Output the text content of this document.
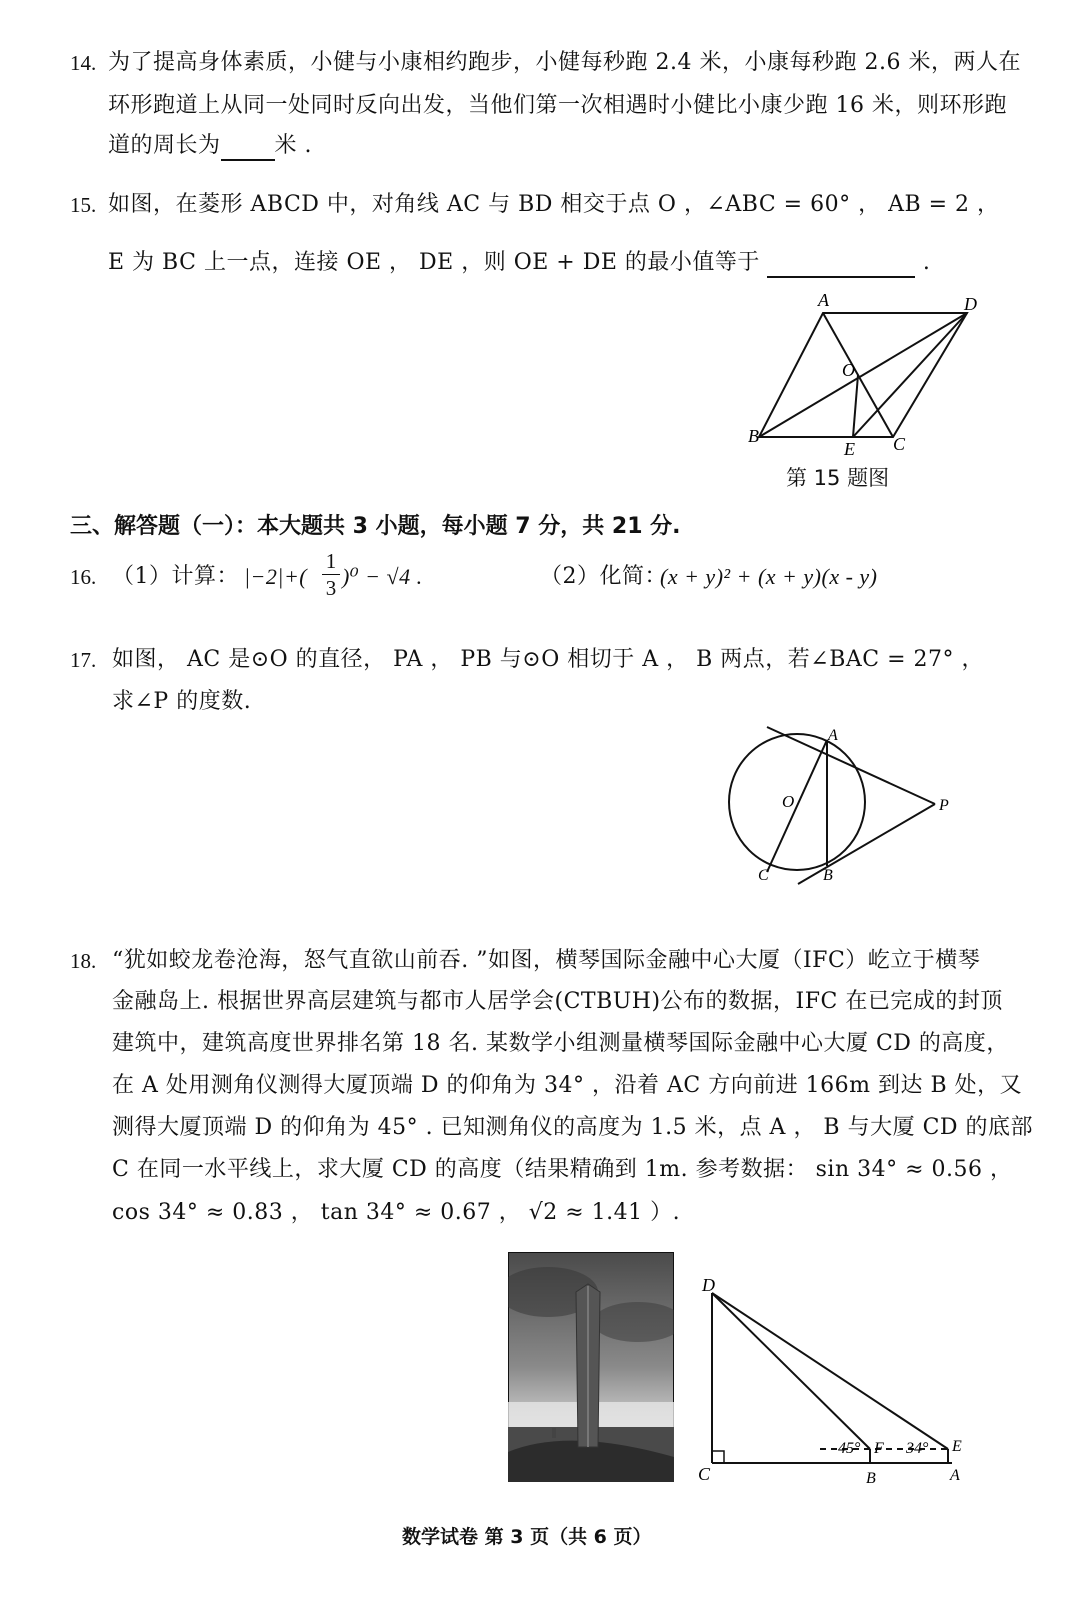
14. 为了提高身体素质，小健与小康相约跑步，小健每秒跑 2.4 米，小康每秒跑 2.6 米，两人在
环形跑道上从同一处同时反向出发，当他们第一次相遇时小健比小康少跑 16 米，则环形跑
道的周长为 米 .
15. 如图，在菱形 ABCD 中，对角线 AC 与 BD 相交于点 O ，∠ABC = 60° ， AB = 2 ，
E 为 BC 上一点，连接 OE ， DE ，则 OE + DE 的最小值等于	.
A	D
O
B
E C
第 15 题图
三、解答题（一）：本大题共 3 小题，每小题 7 分，共 21 分.
16. （1）计算： $|-2|+( \frac{1}{3} )^0 - √4$ .	（2）化简：
(x + y)² + (x + y)(x - y)
17. 如图， AC 是⊙O 的直径， PA ， PB 与⊙O 相切于 A ， B 两点，若∠BAC = 27° ，
求∠P 的度数.
A
O	P
C	B
18. “犹如蛟龙卷沧海，怒气直欲山前吞. ”如图，横琴国际金融中心大厦（IFC）屹立于横琴
金融岛上. 根据世界高层建筑与都市人居学会(CTBUH)公布的数据，IFC 在已完成的封顶
建筑中，建筑高度世界排名第 18 名. 某数学小组测量横琴国际金融中心大厦 CD 的高度，
在 A 处用测角仪测得大厦顶端 D 的仰角为 34° ，沿着 AC 方向前进 166m 到达 B 处，又
测得大厦顶端 D 的仰角为 45° . 已知测角仪的高度为 1.5 米，点 A ， B 与大厦 CD 的底部
C 在同一水平线上，求大厦 CD 的高度（结果精确到 1m. 参考数据： sin 34° ≈ 0.56 ，
cos 34° ≈ 0.83 ， tan 34° ≈ 0.67 ， √2 ≈ 1.41 ）.
D
C	B	A
E
F
45°	34°
数学试卷 第 3 页（共 6 页）
